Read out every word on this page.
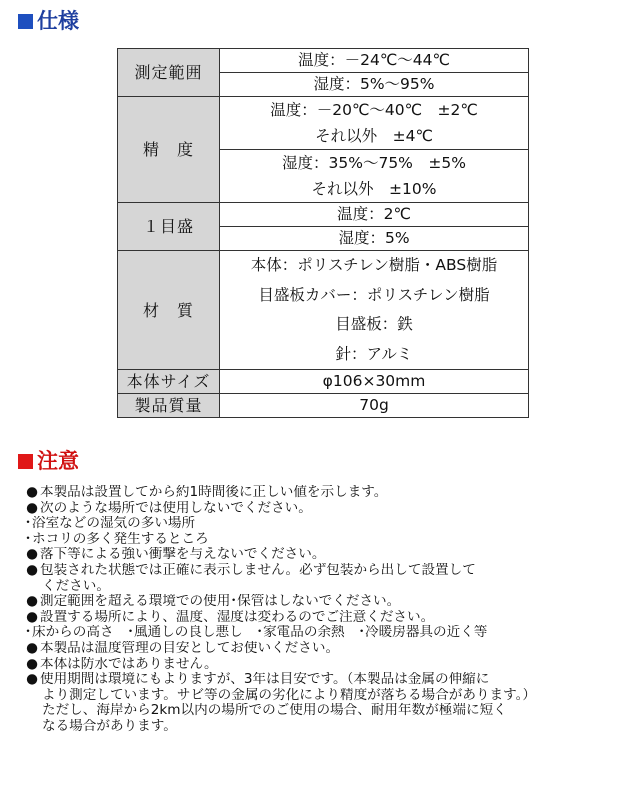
仕様
測定範囲	温度：－24℃～44℃
	湿度：5%～95%
精　度	温度：－20℃～40℃　±2℃
それ以外　±4℃

	湿度：35%～75%　±5%
それ以外　±10%

１目盛	温度：2℃
	湿度：5%
材　質	本体：ポリスチレン樹脂・ABS樹脂
目盛板カバー：ポリスチレン樹脂
目盛板：鉄
針：アルミ
本体サイズ	φ106×30mm
製品質量	70g
注意
● 本製品は設置してから約1時間後に正しい値を示します。
● 次のような場所では使用しないでください。
･浴室などの湿気の多い場所
･ホコリの多く発生するところ
● 落下等による強い衝撃を与えないでください。
● 包装された状態では正確に表示しません。必ず包装から出して設置して
ください。
● 測定範囲を超える環境での使用･保管はしないでください。
● 設置する場所により、温度、湿度は変わるのでご注意ください。
･床からの高さ　･風通しの良し悪し　･家電品の余熱　･冷暖房器具の近く等
● 本製品は温度管理の目安としてお使いください。
● 本体は防水ではありません。
● 使用期間は環境にもよりますが、3年は目安です。（本製品は金属の伸縮に
より測定しています。サビ等の金属の劣化により精度が落ちる場合があります。）
ただし、海岸から2km以内の場所でのご使用の場合、耐用年数が極端に短く
なる場合があります。
